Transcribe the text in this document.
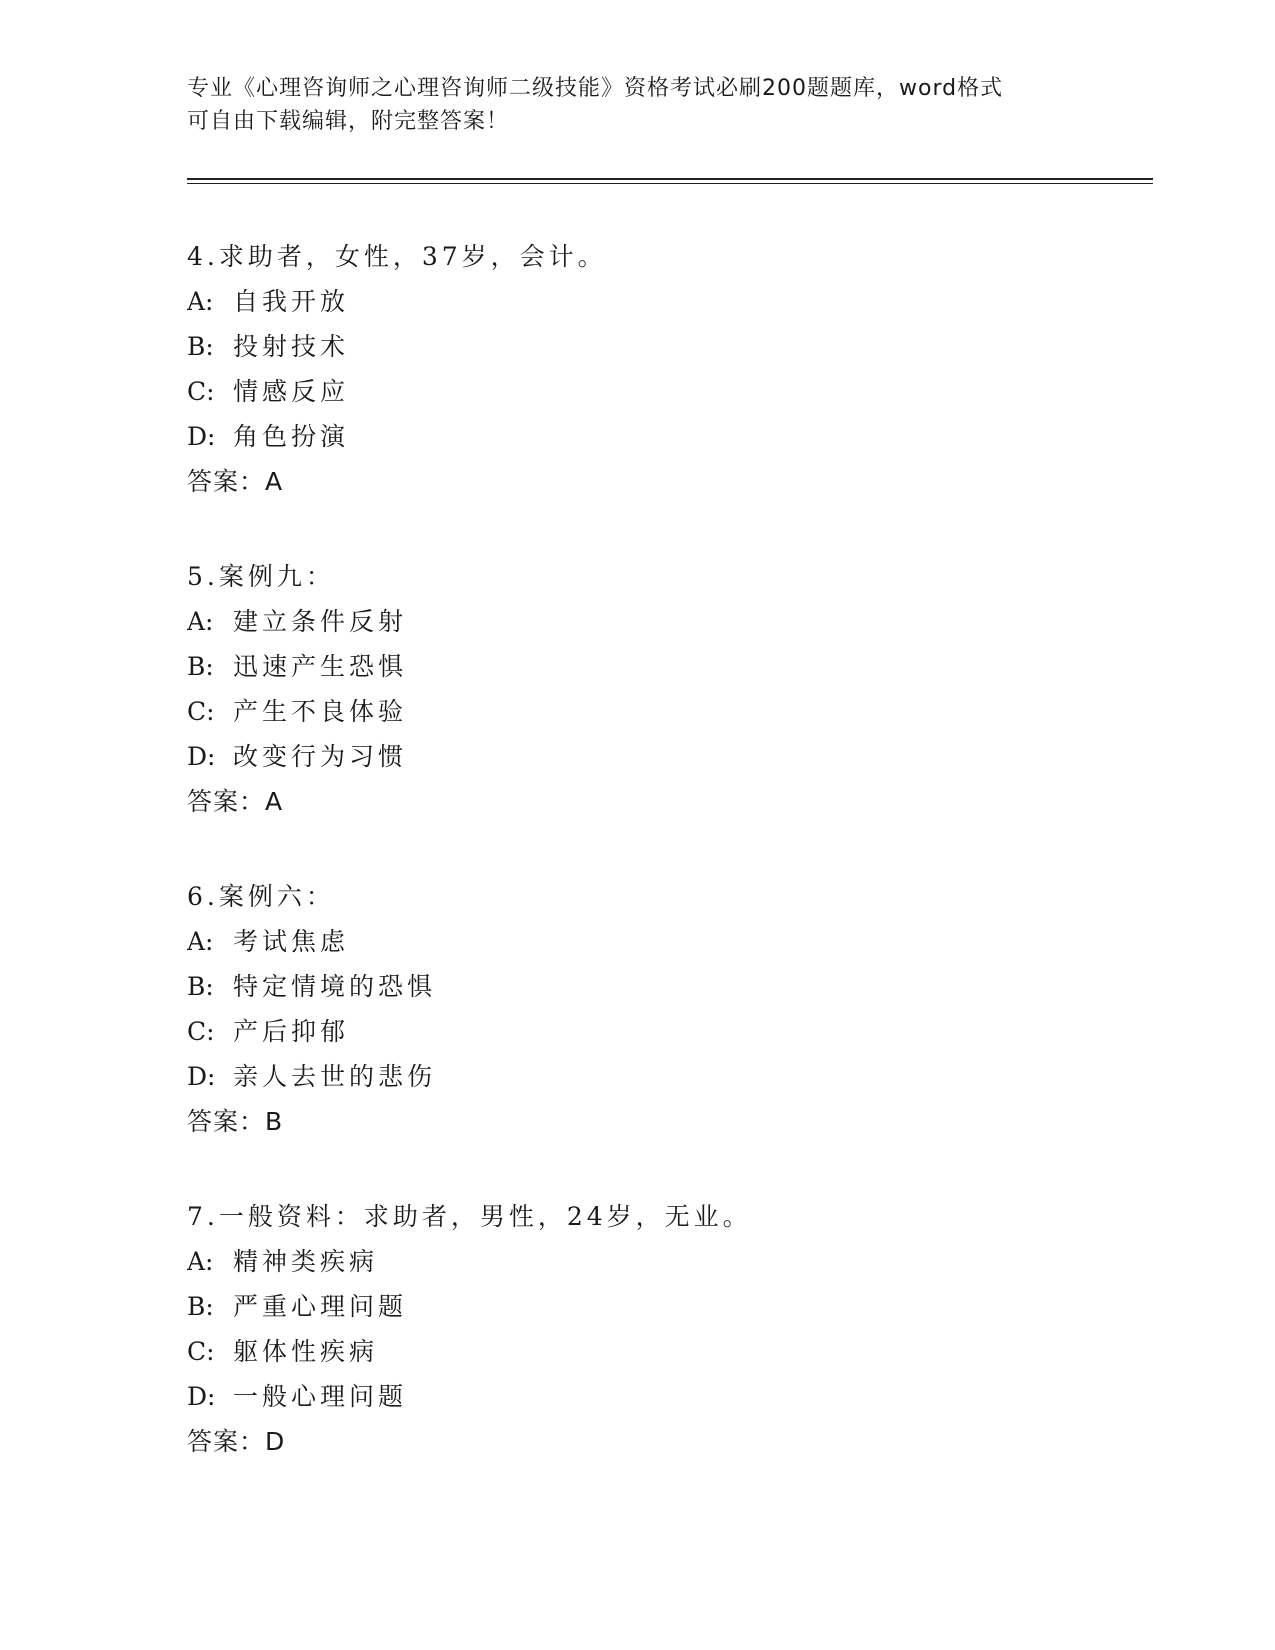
专业《心理咨询师之心理咨询师二级技能》资格考试必刷200题题库，word格式
可自由下载编辑，附完整答案！
4.求助者，女性，37岁，会计。
A: 自我开放
B: 投射技术
C: 情感反应
D: 角色扮演
答案：A
5.案例九：
A: 建立条件反射
B: 迅速产生恐惧
C: 产生不良体验
D: 改变行为习惯
答案：A
6.案例六：
A: 考试焦虑
B: 特定情境的恐惧
C: 产后抑郁
D: 亲人去世的悲伤
答案：B
7.一般资料：求助者，男性，24岁，无业。
A: 精神类疾病
B: 严重心理问题
C: 躯体性疾病
D: 一般心理问题
答案：D
